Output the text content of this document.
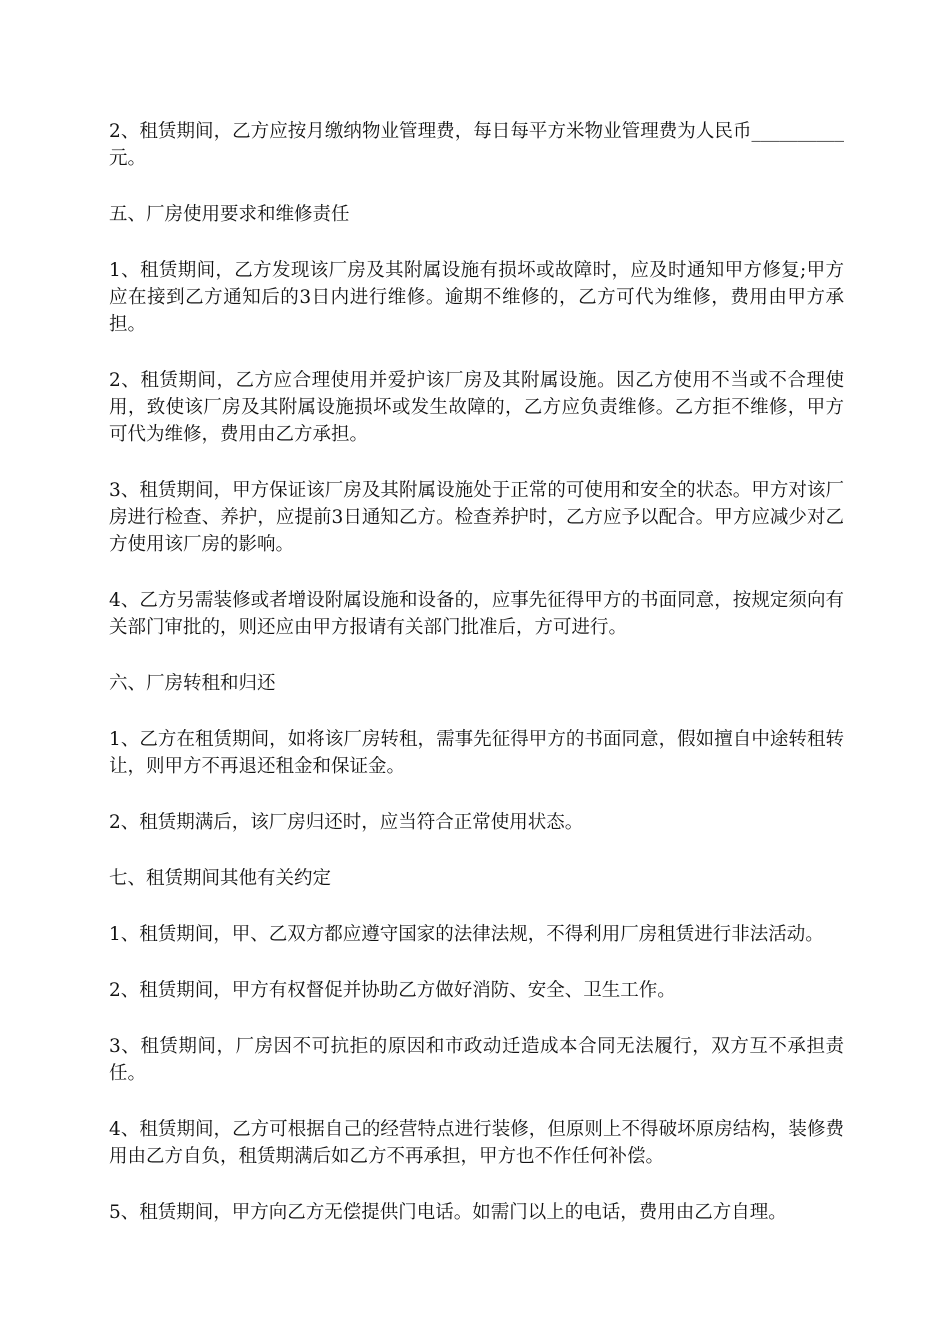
2、租赁期间，乙方应按月缴纳物业管理费，每日每平方米物业管理费为人民币__________元。

五、厂房使用要求和维修责任

1、租赁期间，乙方发现该厂房及其附属设施有损坏或故障时，应及时通知甲方修复;甲方应在接到乙方通知后的3日内进行维修。逾期不维修的，乙方可代为维修，费用由甲方承担。

2、租赁期间，乙方应合理使用并爱护该厂房及其附属设施。因乙方使用不当或不合理使用，致使该厂房及其附属设施损坏或发生故障的，乙方应负责维修。乙方拒不维修，甲方可代为维修，费用由乙方承担。

3、租赁期间，甲方保证该厂房及其附属设施处于正常的可使用和安全的状态。甲方对该厂房进行检查、养护，应提前3日通知乙方。检查养护时，乙方应予以配合。甲方应减少对乙方使用该厂房的影响。

4、乙方另需装修或者增设附属设施和设备的，应事先征得甲方的书面同意，按规定须向有关部门审批的，则还应由甲方报请有关部门批准后，方可进行。

六、厂房转租和归还

1、乙方在租赁期间，如将该厂房转租，需事先征得甲方的书面同意，假如擅自中途转租转让，则甲方不再退还租金和保证金。

2、租赁期满后，该厂房归还时，应当符合正常使用状态。

七、租赁期间其他有关约定

1、租赁期间，甲、乙双方都应遵守国家的法律法规，不得利用厂房租赁进行非法活动。

2、租赁期间，甲方有权督促并协助乙方做好消防、安全、卫生工作。

3、租赁期间，厂房因不可抗拒的原因和市政动迁造成本合同无法履行，双方互不承担责任。

4、租赁期间，乙方可根据自己的经营特点进行装修，但原则上不得破坏原房结构，装修费用由乙方自负，租赁期满后如乙方不再承担，甲方也不作任何补偿。

5、租赁期间，甲方向乙方无偿提供门电话。如需门以上的电话，费用由乙方自理。
